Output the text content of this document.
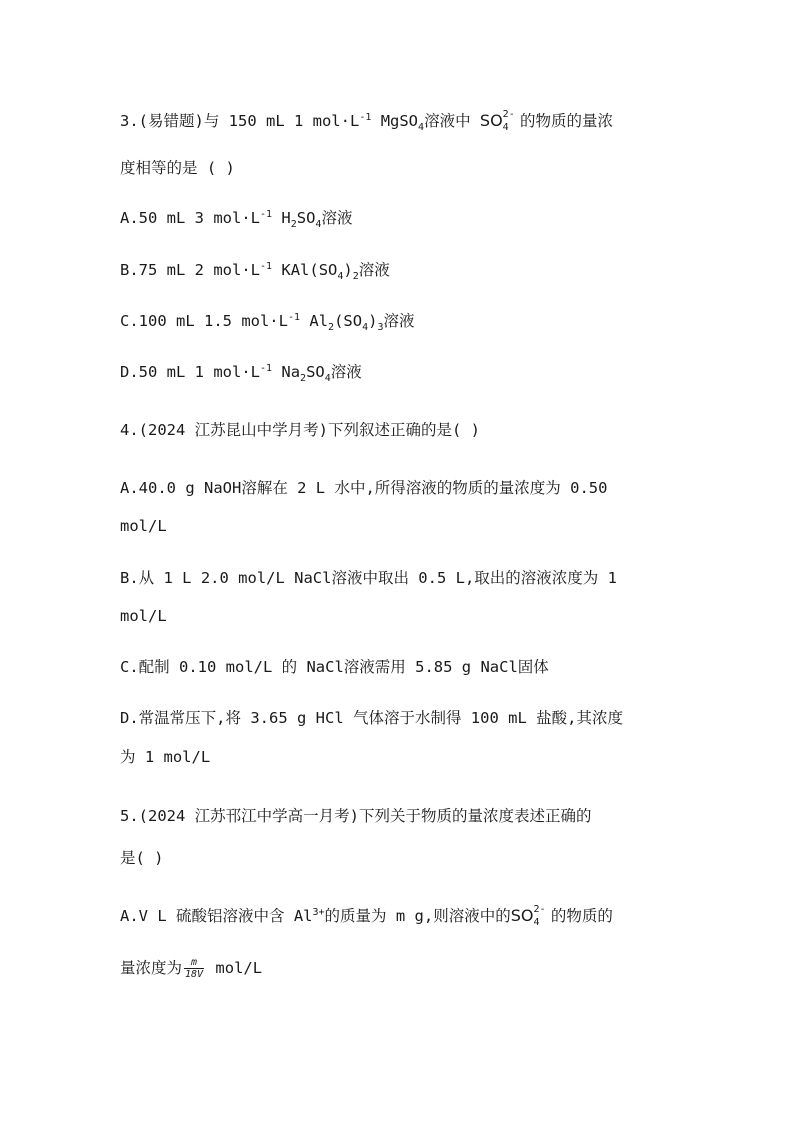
3.(易错题)与 150 mL 1 $mol\cdot L^{-1}$ MgSO$_4$溶液中 SO 2-
4 的物质的量浓
度相等的是 ( )
A.50 mL 3 $mol\cdot L^{-1}$ $H_2SO_4$溶液
B.75 mL 2 $mol\cdot L^{-1}$ $KAl(SO_4)_2$溶液
C.100 mL 1.5 $mol\cdot L^{-1}$ $Al_2(SO_4)_3$溶液
D.50 mL 1 $mol\cdot L^{-1}$ $Na_2SO_4$溶液
4.(2024 江苏昆山中学月考)下列叙述正确的是( )
A.40.0 g NaOH溶解在 2 L 水中,所得溶液的物质的量浓度为 0.50
mol/L
B.从 1 L 2.0 mol/L NaCl溶液中取出 0.5 L,取出的溶液浓度为 1
mol/L
C.配制 0.10 mol/L 的 NaCl溶液需用 5.85 g NaCl固体
D.常温常压下,将 3.65 g HCl 气体溶于水制得 100 mL 盐酸,其浓度
为 1 mol/L
5.(2024 江苏邗江中学高一月考)下列关于物质的量浓度表述正确的
是( )
A.V L 硫酸铝溶液中含 $Al^{3+}$的质量为 m g,则溶液中的SO 2-
4 的物质的
量浓度为 $\frac{m}{18V} mol/L$
